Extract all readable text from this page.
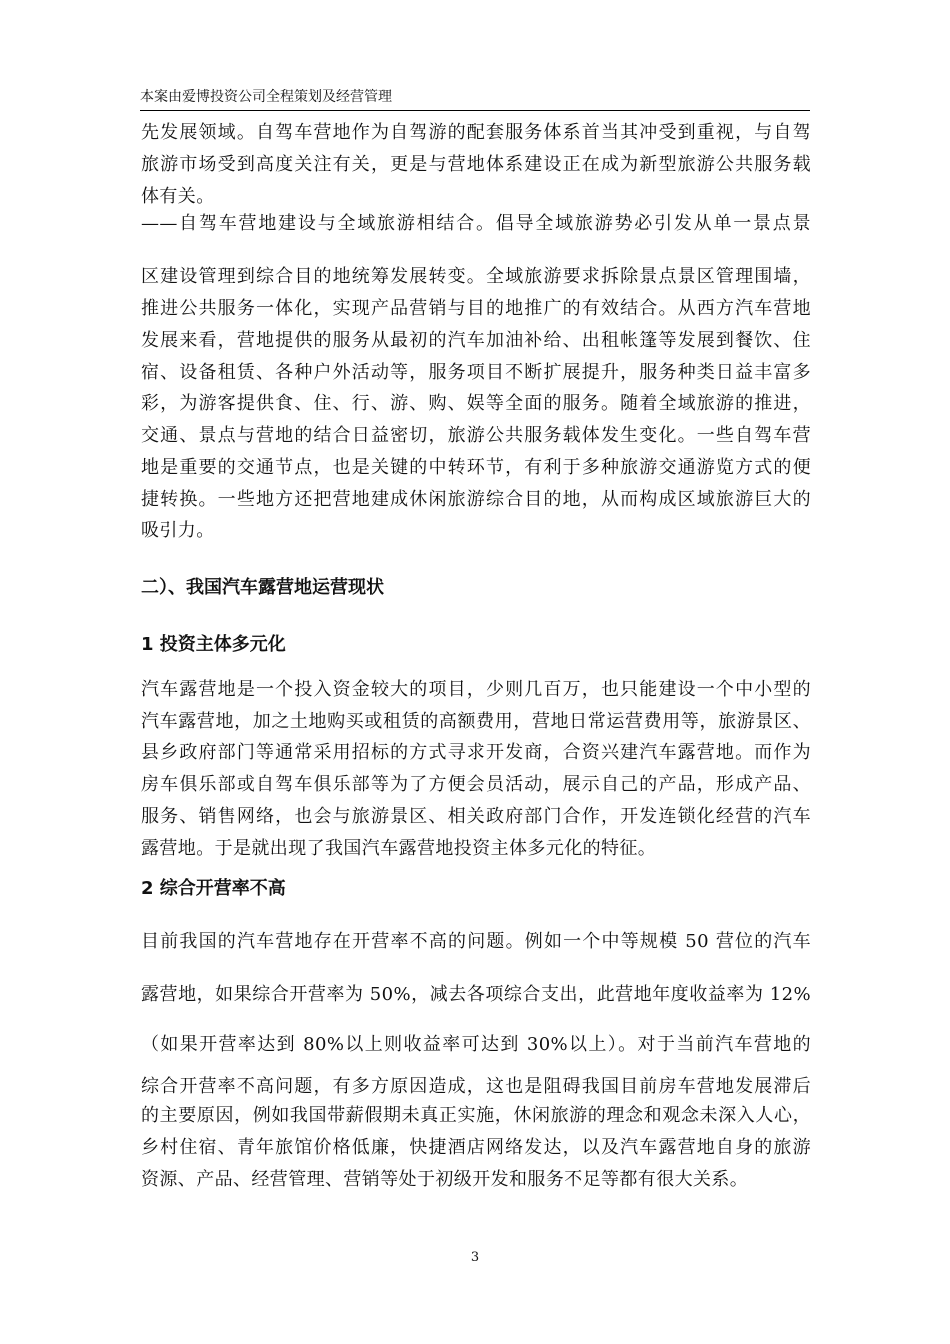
本案由爱博投资公司全程策划及经营管理
先发展领域。自驾车营地作为自驾游的配套服务体系首当其冲受到重视，与自驾
旅游市场受到高度关注有关，更是与营地体系建设正在成为新型旅游公共服务载
体有关。
——自驾车营地建设与全域旅游相结合。倡导全域旅游势必引发从单一景点景
区建设管理到综合目的地统筹发展转变。全域旅游要求拆除景点景区管理围墙，
推进公共服务一体化，实现产品营销与目的地推广的有效结合。从西方汽车营地
发展来看，营地提供的服务从最初的汽车加油补给、出租帐篷等发展到餐饮、住
宿、设备租赁、各种户外活动等，服务项目不断扩展提升，服务种类日益丰富多
彩，为游客提供食、住、行、游、购、娱等全面的服务。随着全域旅游的推进，
交通、景点与营地的结合日益密切，旅游公共服务载体发生变化。一些自驾车营
地是重要的交通节点，也是关键的中转环节，有利于多种旅游交通游览方式的便
捷转换。一些地方还把营地建成休闲旅游综合目的地，从而构成区域旅游巨大的
吸引力。
二）、我国汽车露营地运营现状
1 投资主体多元化
汽车露营地是一个投入资金较大的项目，少则几百万，也只能建设一个中小型的
汽车露营地，加之土地购买或租赁的高额费用，营地日常运营费用等，旅游景区、
县乡政府部门等通常采用招标的方式寻求开发商，合资兴建汽车露营地。而作为
房车俱乐部或自驾车俱乐部等为了方便会员活动，展示自己的产品，形成产品、
服务、销售网络，也会与旅游景区、相关政府部门合作，开发连锁化经营的汽车
露营地。于是就出现了我国汽车露营地投资主体多元化的特征。
2 综合开营率不高
目前我国的汽车营地存在开营率不高的问题。例如一个中等规模 50 营位的汽车
露营地，如果综合开营率为 50%，减去各项综合支出，此营地年度收益率为 12%
（如果开营率达到 80%以上则收益率可达到 30%以上）。对于当前汽车营地的
综合开营率不高问题，有多方原因造成，这也是阻碍我国目前房车营地发展滞后
的主要原因，例如我国带薪假期未真正实施，休闲旅游的理念和观念未深入人心，
乡村住宿、青年旅馆价格低廉，快捷酒店网络发达，以及汽车露营地自身的旅游
资源、产品、经营管理、营销等处于初级开发和服务不足等都有很大关系。
3
